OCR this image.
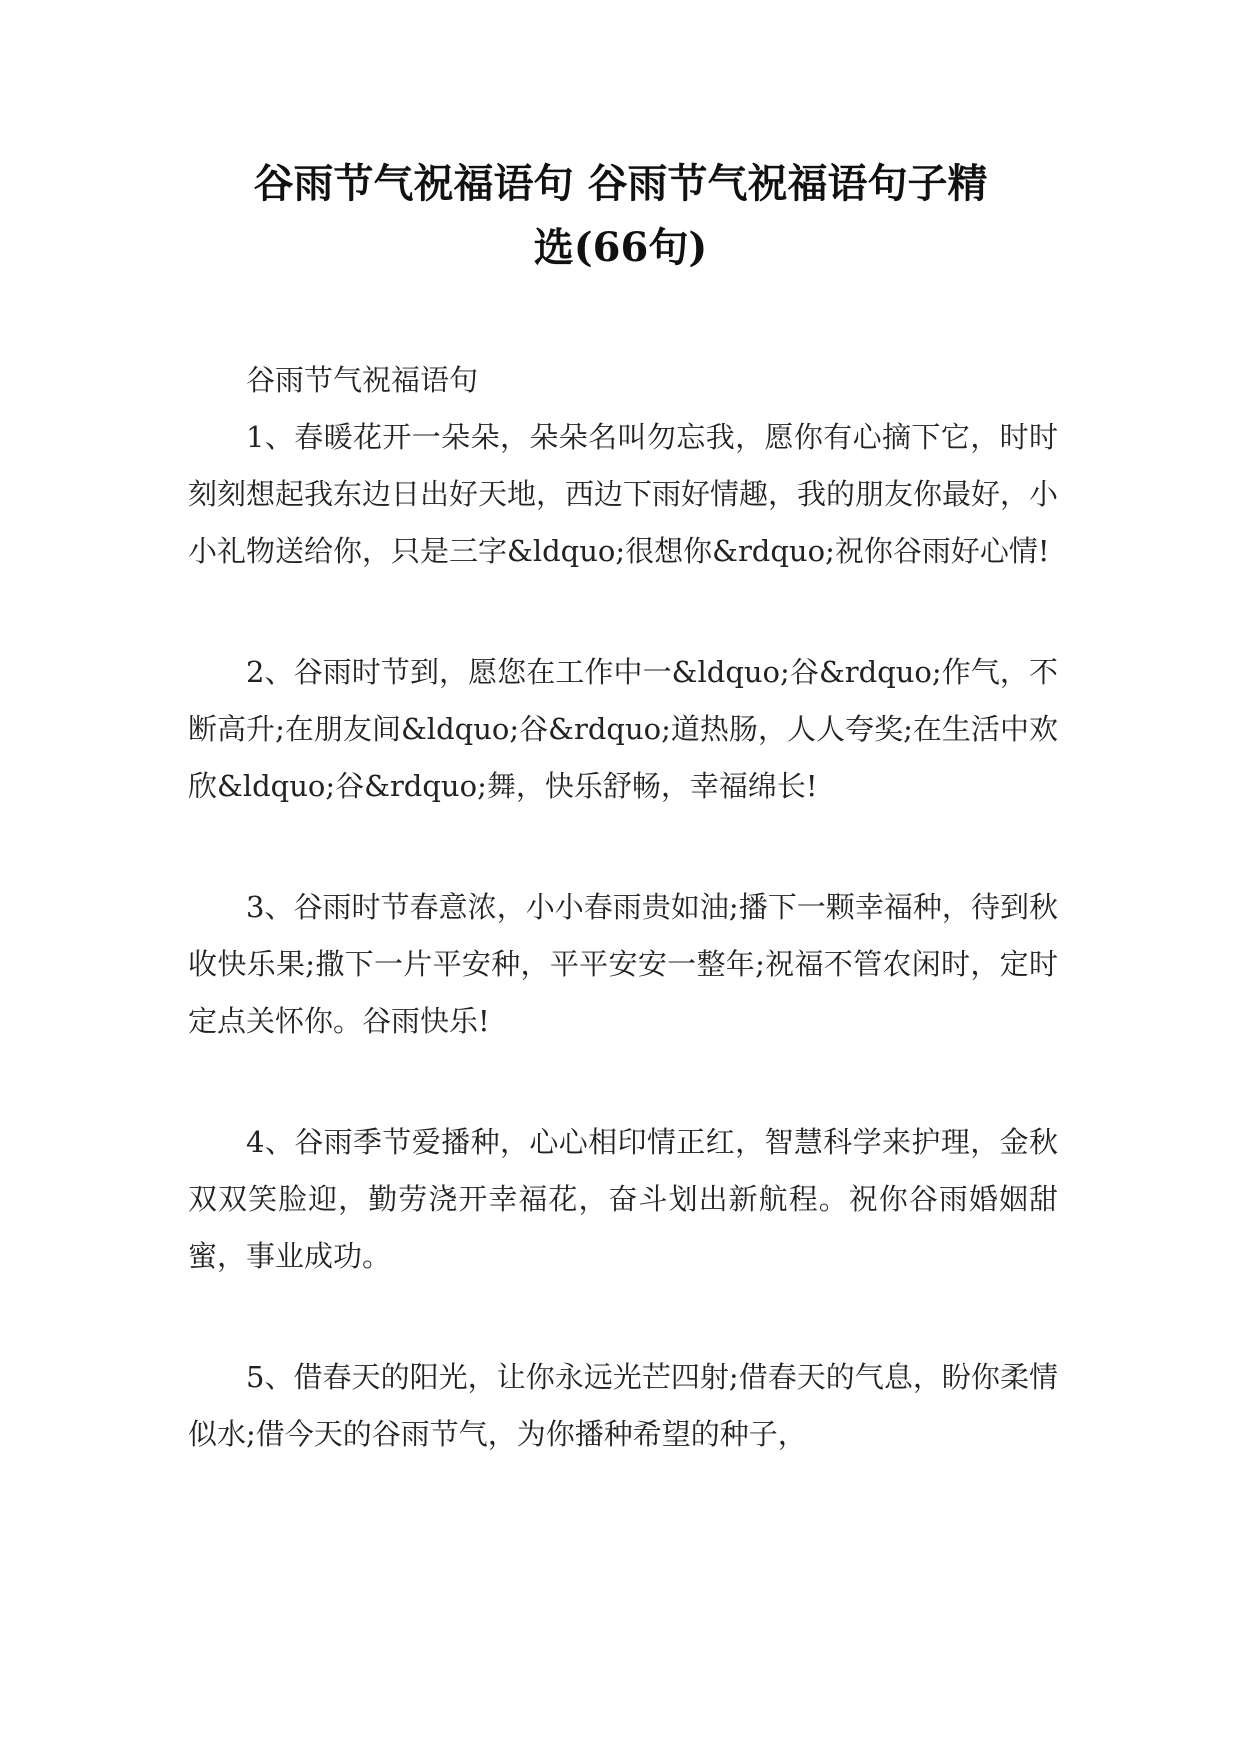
谷雨节气祝福语句 谷雨节气祝福语句子精
选(66句)

谷雨节气祝福语句

1、春暖花开一朵朵，朵朵名叫勿忘我，愿你有心摘下它，时时刻刻想起我东边日出好天地，西边下雨好情趣，我的朋友你最好，小小礼物送给你，只是三字&ldquo;很想你&rdquo;祝你谷雨好心情!

2、谷雨时节到，愿您在工作中一&ldquo;谷&rdquo;作气，不断高升;在朋友间&ldquo;谷&rdquo;道热肠，人人夸奖;在生活中欢欣&ldquo;谷&rdquo;舞，快乐舒畅，幸福绵长!

3、谷雨时节春意浓，小小春雨贵如油;播下一颗幸福种，待到秋收快乐果;撒下一片平安种，平平安安一整年;祝福不管农闲时，定时定点关怀你。谷雨快乐!

4、谷雨季节爱播种，心心相印情正红，智慧科学来护理，金秋双双笑脸迎，勤劳浇开幸福花，奋斗划出新航程。祝你谷雨婚姻甜蜜，事业成功。

5、借春天的阳光，让你永远光芒四射;借春天的气息，盼你柔情似水;借今天的谷雨节气，为你播种希望的种子，
